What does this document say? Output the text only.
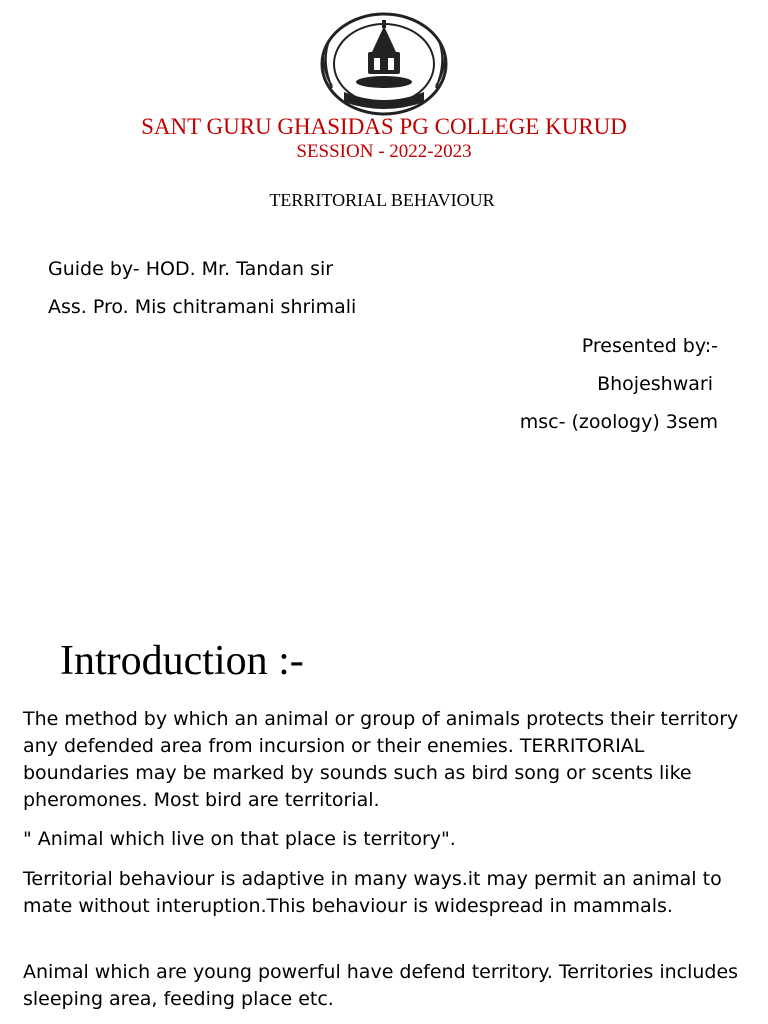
विद्या ददाति विनयम
SANT GURU GHASIDAS PG COLLEGE KURUD
SESSION - 2022-2023
TERRITORIAL BEHAVIOUR
Guide by- HOD. Mr. Tandan sir
Ass. Pro. Mis chitramani shrimali
Presented by:-
Bhojeshwari
msc- (zoology) 3sem
Introduction :-

The method by which an animal or group of animals protects their territory any defended area from incursion or their enemies. TERRITORIAL boundaries may be marked by sounds such as bird song or scents like pheromones. Most bird are territorial.

" Animal which live on that place is territory".

Territorial behaviour is adaptive in many ways.it may permit an animal to mate without interuption.This behaviour is widespread in mammals.

Animal which are young powerful have defend territory. Territories includes sleeping area, feeding place etc.
